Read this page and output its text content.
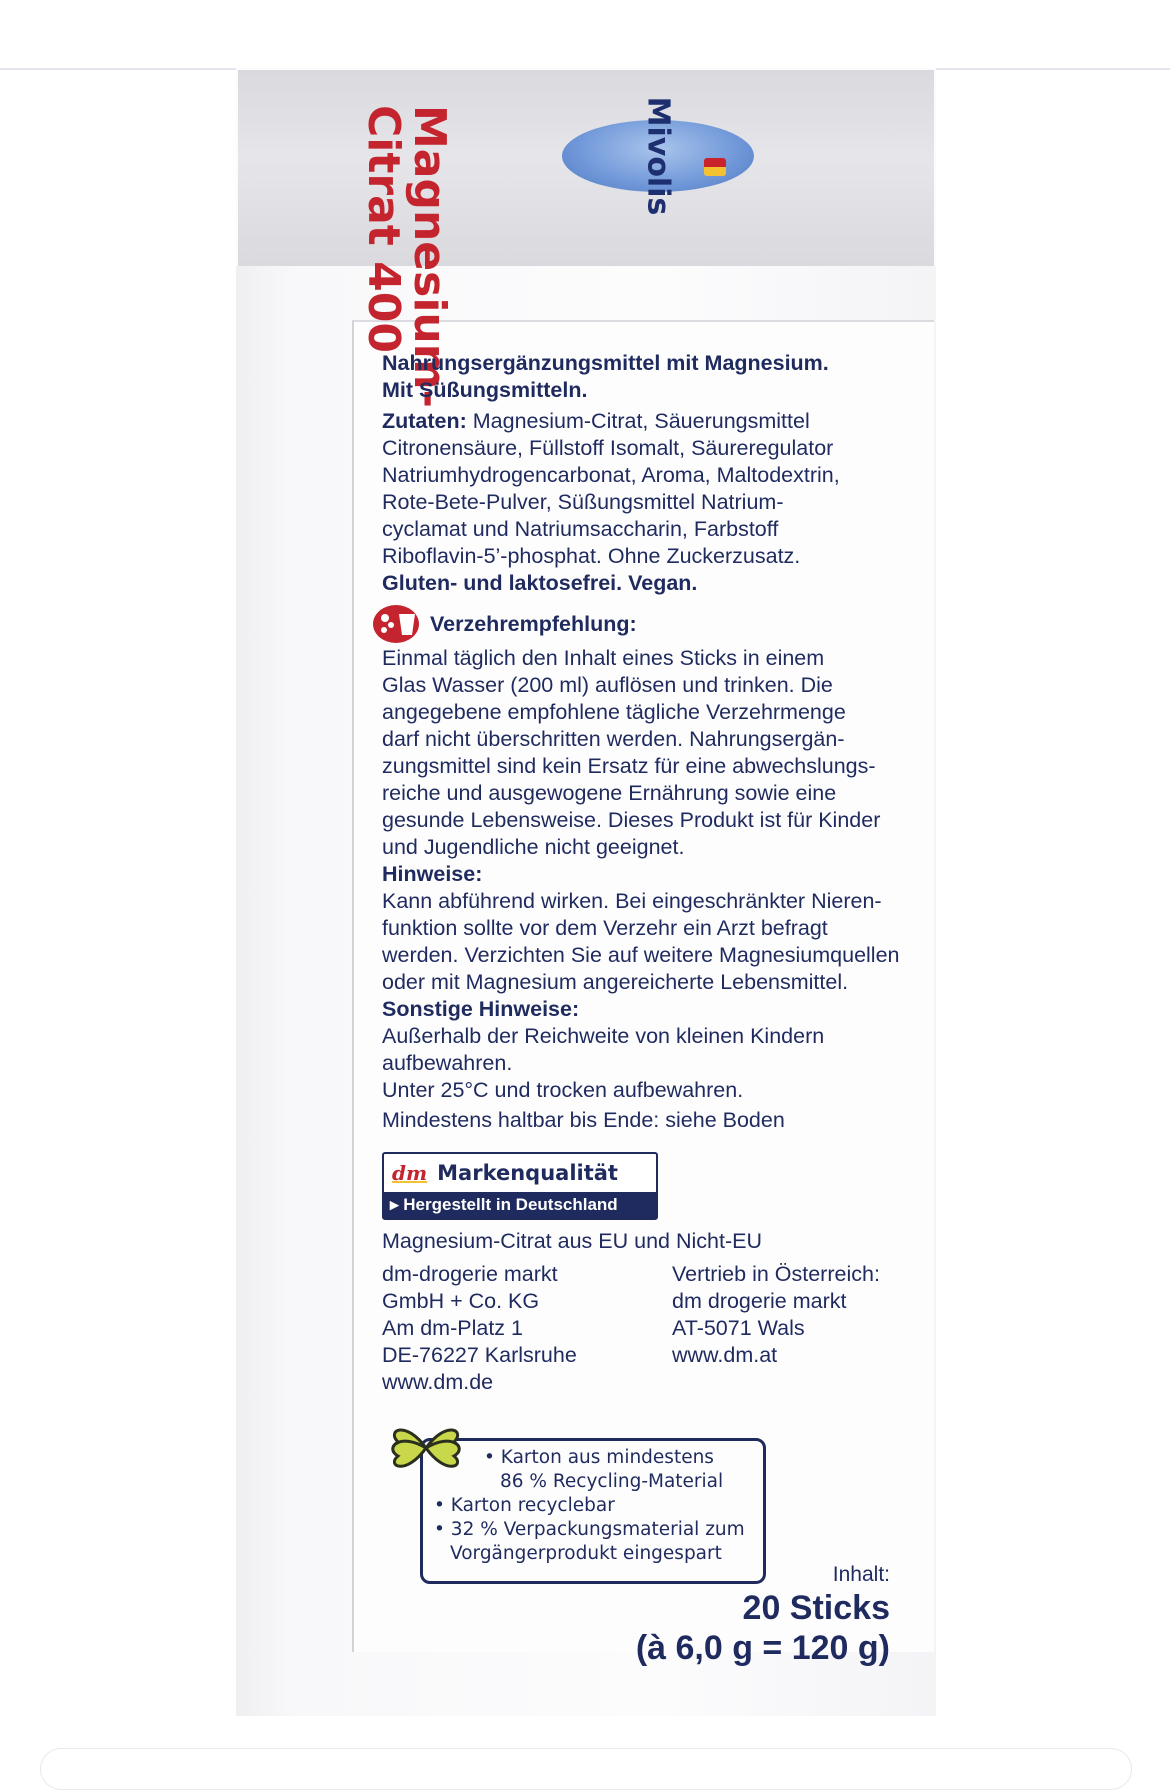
Mivolis
Magnesium-
Citrat 400
Nahrungsergänzungsmittel mit Magnesium.
Mit Süßungsmitteln.
Zutaten: Magnesium-Citrat, Säuerungsmittel
Citronensäure, Füllstoff Isomalt, Säureregulator
Natriumhydrogencarbonat, Aroma, Maltodextrin,
Rote-Bete-Pulver, Süßungsmittel Natrium-
cyclamat und Natriumsaccharin, Farbstoff
Riboflavin-5’-phosphat. Ohne Zuckerzusatz.
Gluten- und laktosefrei. Vegan.
Verzehrempfehlung:
Einmal täglich den Inhalt eines Sticks in einem
Glas Wasser (200 ml) auflösen und trinken. Die
angegebene empfohlene tägliche Verzehrmenge
darf nicht überschritten werden. Nahrungsergän-
zungsmittel sind kein Ersatz für eine abwechslungs-
reiche und ausgewogene Ernährung sowie eine
gesunde Lebensweise. Dieses Produkt ist für Kinder
und Jugendliche nicht geeignet.
Hinweise:
Kann abführend wirken. Bei eingeschränkter Nieren-
funktion sollte vor dem Verzehr ein Arzt befragt
werden. Verzichten Sie auf weitere Magnesiumquellen
oder mit Magnesium angereicherte Lebensmittel.
Sonstige Hinweise:
Außerhalb der Reichweite von kleinen Kindern
aufbewahren.
Unter 25°C und trocken aufbewahren.
Mindestens haltbar bis Ende: siehe Boden
dm Markenqualität
▸ Hergestellt in Deutschland
Magnesium-Citrat aus EU und Nicht-EU
dm-drogerie markt
GmbH + Co. KG
Am dm-Platz 1
DE-76227 Karlsruhe
www.dm.de
Vertrieb in Österreich:
dm drogerie markt
AT-5071 Wals
www.dm.at
• Karton aus mindestens
86 % Recycling-Material
• Karton recyclebar
• 32 % Verpackungsmaterial zum
Vorgängerprodukt eingespart
Inhalt:
20 Sticks
(à 6,0 g = 120 g)
